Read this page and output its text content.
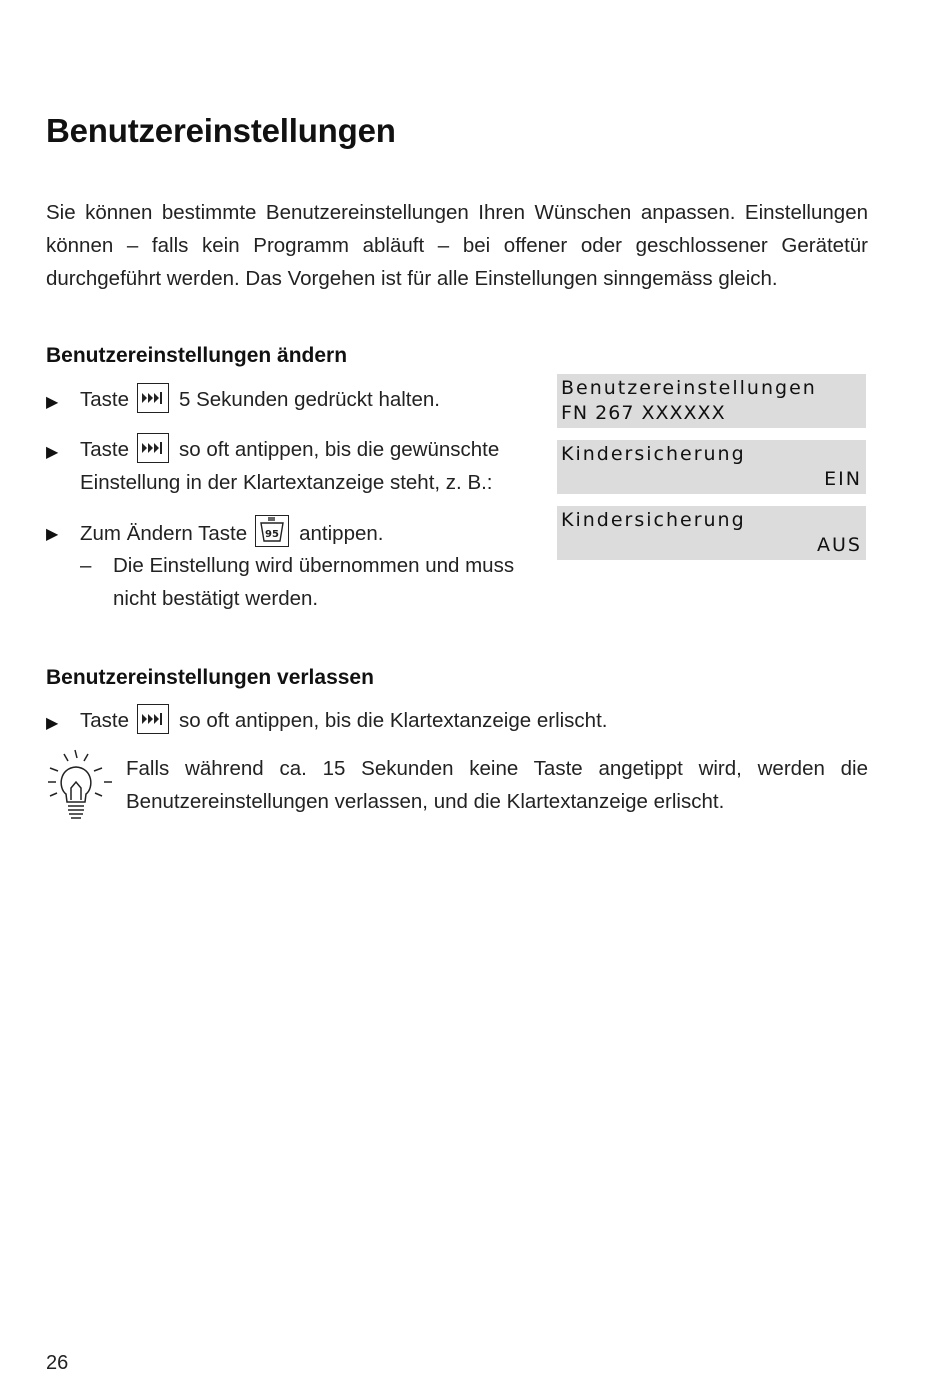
Benutzereinstellungen
Sie können bestimmte Benutzereinstellungen Ihren Wünschen anpassen. Einstellungen können – falls kein Programm abläuft – bei offener oder geschlossener Gerätetür durchgeführt werden. Das Vorgehen ist für alle Einstellungen sinngemäss gleich.
Benutzereinstellungen ändern
▶ Taste 5 Sekunden gedrückt halten.
▶ Taste so oft antippen, bis die gewünschte
Einstellung in der Klartextanzeige steht, z. B.:
▶ Zum Ändern Taste 95 antippen.
– Die Einstellung wird übernommen und muss
nicht bestätigt werden.
Benutzereinstellungen
FN 267 XXXXXX
Kindersicherung
EIN
Kindersicherung
AUS
Benutzereinstellungen verlassen
▶ Taste so oft antippen, bis die Klartextanzeige erlischt.
Falls während ca. 15 Sekunden keine Taste angetippt wird, werden die Benutzereinstellungen verlassen, und die Klartextanzeige erlischt.
26
